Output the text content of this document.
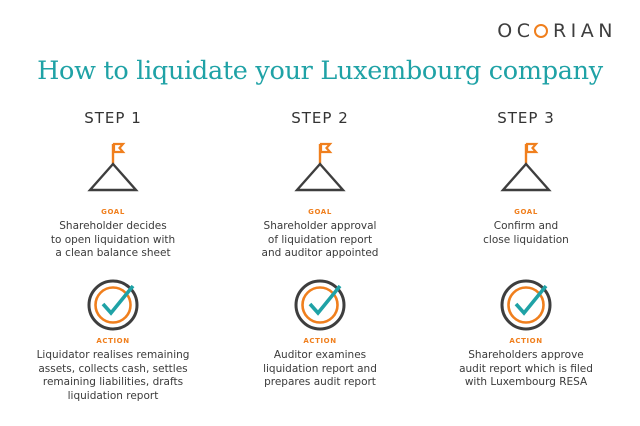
OC RIAN
How to liquidate your Luxembourg company
STEP 1
GOAL
Shareholder decides
to open liquidation with
a clean balance sheet
ACTION
Liquidator realises remaining
assets, collects cash, settles
remaining liabilities, drafts
liquidation report
STEP 2
GOAL
Shareholder approval
of liquidation report
and auditor appointed
ACTION
Auditor examines
liquidation report and
prepares audit report
STEP 3
GOAL
Confirm and
close liquidation
ACTION
Shareholders approve
audit report which is filed
with Luxembourg RESA
